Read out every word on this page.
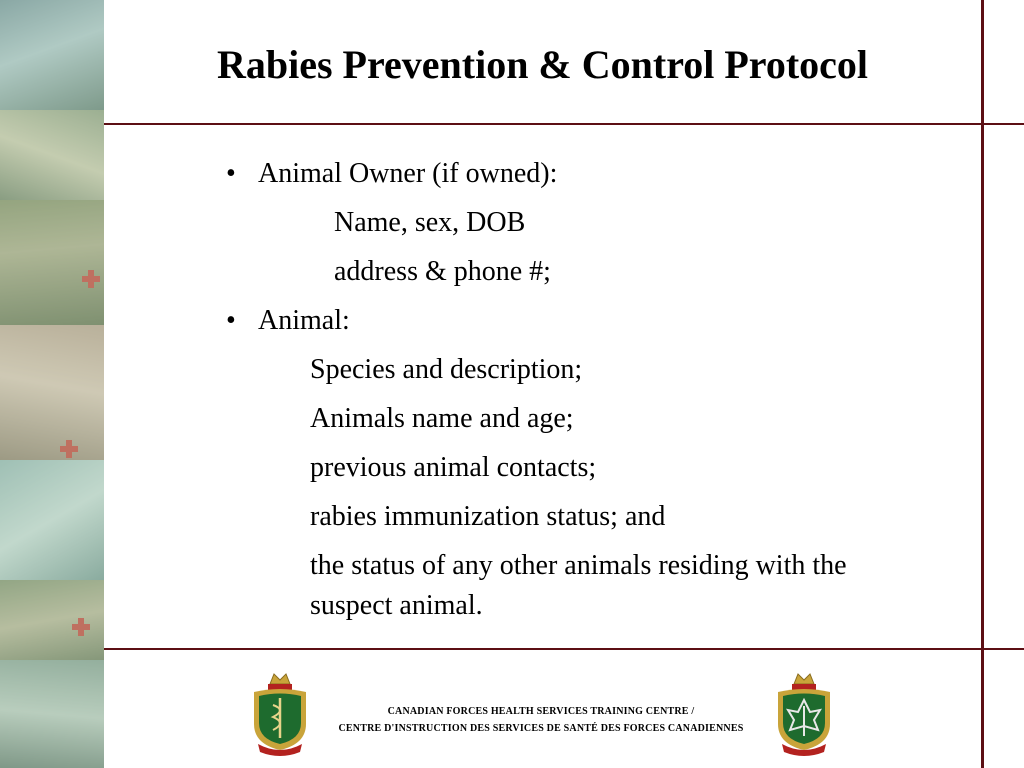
Rabies Prevention & Control Protocol
• Animal Owner (if owned):
Name, sex, DOB
address & phone #;
• Animal:
Species and description;
Animals name and age;
previous animal contacts;
rabies immunization status; and
the status of any other animals residing with the
suspect animal.
CANADIAN FORCES HEALTH SERVICES TRAINING CENTRE /
CENTRE D'INSTRUCTION DES SERVICES DE SANTÉ DES FORCES CANADIENNES
